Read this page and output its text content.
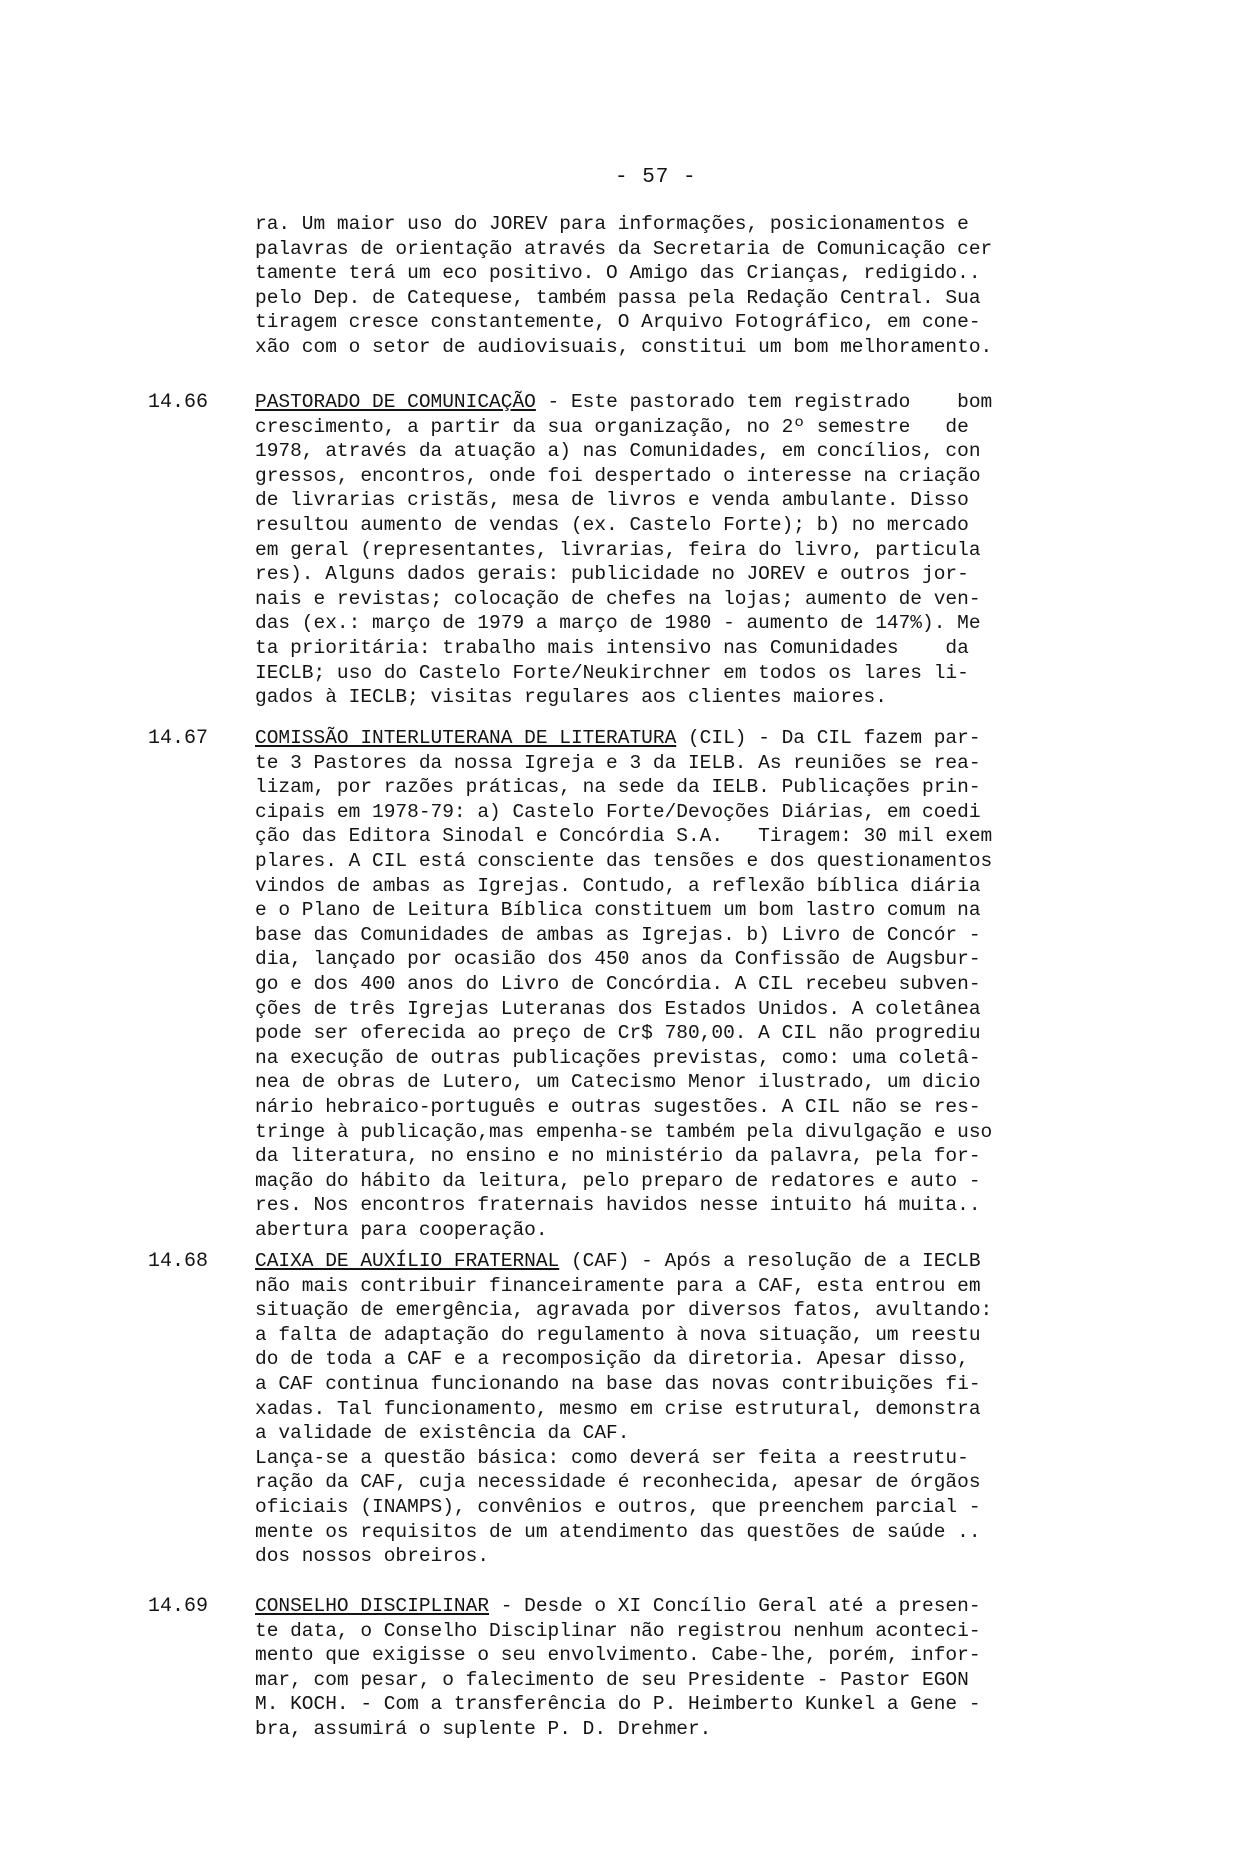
- 57 -
ra. Um maior uso do JOREV para informações, posicionamentos e
palavras de orientação através da Secretaria de Comunicação cer
tamente terá um eco positivo. O Amigo das Crianças, redigido..
pelo Dep. de Catequese, também passa pela Redação Central. Sua
tiragem cresce constantemente, O Arquivo Fotográfico, em cone-
xão com o setor de audiovisuais, constitui um bom melhoramento.
14.66 PASTORADO DE COMUNICAÇÃO - Este pastorado tem registrado    bom
crescimento, a partir da sua organização, no 2º semestre   de
1978, através da atuação a) nas Comunidades, em concílios, con
gressos, encontros, onde foi despertado o interesse na criação
de livrarias cristãs, mesa de livros e venda ambulante. Disso
resultou aumento de vendas (ex. Castelo Forte); b) no mercado
em geral (representantes, livrarias, feira do livro, particula
res). Alguns dados gerais: publicidade no JOREV e outros jor-
nais e revistas; colocação de chefes na lojas; aumento de ven-
das (ex.: março de 1979 a março de 1980 - aumento de 147%). Me
ta prioritária: trabalho mais intensivo nas Comunidades    da
IECLB; uso do Castelo Forte/Neukirchner em todos os lares li-
gados à IECLB; visitas regulares aos clientes maiores.
14.67 COMISSÃO INTERLUTERANA DE LITERATURA (CIL) - Da CIL fazem par-
te 3 Pastores da nossa Igreja e 3 da IELB. As reuniões se rea-
lizam, por razões práticas, na sede da IELB. Publicações prin-
cipais em 1978-79: a) Castelo Forte/Devoções Diárias, em coedi
ção das Editora Sinodal e Concórdia S.A.   Tiragem: 30 mil exem
plares. A CIL está consciente das tensões e dos questionamentos
vindos de ambas as Igrejas. Contudo, a reflexão bíblica diária
e o Plano de Leitura Bíblica constituem um bom lastro comum na
base das Comunidades de ambas as Igrejas. b) Livro de Concór -
dia, lançado por ocasião dos 450 anos da Confissão de Augsbur-
go e dos 400 anos do Livro de Concórdia. A CIL recebeu subven-
ções de três Igrejas Luteranas dos Estados Unidos. A coletânea
pode ser oferecida ao preço de Cr$ 780,00. A CIL não progrediu
na execução de outras publicações previstas, como: uma coletâ-
nea de obras de Lutero, um Catecismo Menor ilustrado, um dicio
nário hebraico-português e outras sugestões. A CIL não se res-
tringe à publicação,mas empenha-se também pela divulgação e uso
da literatura, no ensino e no ministério da palavra, pela for-
mação do hábito da leitura, pelo preparo de redatores e auto -
res. Nos encontros fraternais havidos nesse intuito há muita..
abertura para cooperação.
14.68 CAIXA DE AUXÍLIO FRATERNAL (CAF) - Após a resolução de a IECLB
não mais contribuir financeiramente para a CAF, esta entrou em
situação de emergência, agravada por diversos fatos, avultando:
a falta de adaptação do regulamento à nova situação, um reestu
do de toda a CAF e a recomposição da diretoria. Apesar disso,
a CAF continua funcionando na base das novas contribuições fi-
xadas. Tal funcionamento, mesmo em crise estrutural, demonstra
a validade de existência da CAF.
Lança-se a questão básica: como deverá ser feita a reestrutu-
ração da CAF, cuja necessidade é reconhecida, apesar de órgãos
oficiais (INAMPS), convênios e outros, que preenchem parcial -
mente os requisitos de um atendimento das questões de saúde ..
dos nossos obreiros.
14.69 CONSELHO DISCIPLINAR - Desde o XI Concílio Geral até a presen-
te data, o Conselho Disciplinar não registrou nenhum aconteci-
mento que exigisse o seu envolvimento. Cabe-lhe, porém, infor-
mar, com pesar, o falecimento de seu Presidente - Pastor EGON
M. KOCH. - Com a transferência do P. Heimberto Kunkel a Gene -
bra, assumirá o suplente P. D. Drehmer.
